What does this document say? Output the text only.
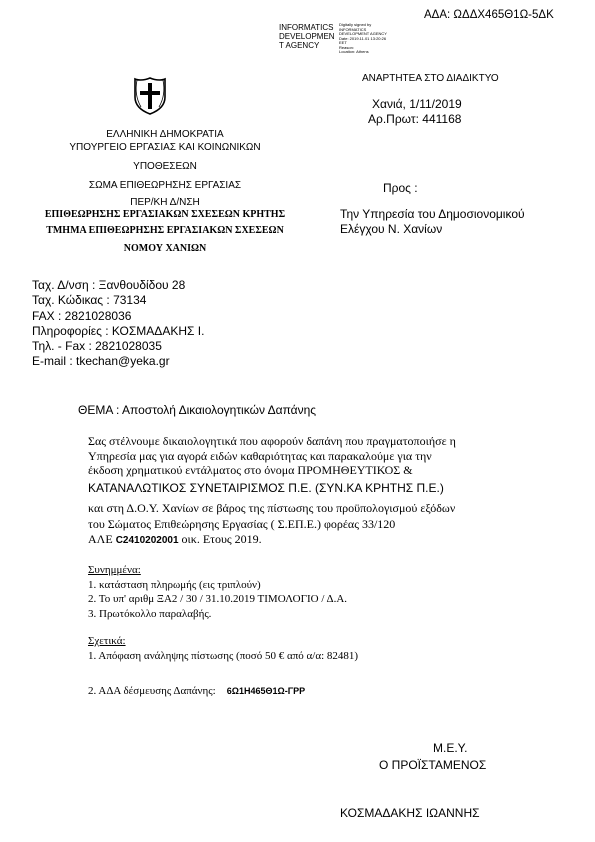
ΑΔΑ: ΩΔΔΧ465Θ1Ω-5ΔΚ
INFORMATICS
DEVELOPMEN
T AGENCY
Digitally signed by
INFORMATICS
DEVELOPMENT AGENCY
Date: 2019.11.01 13:20:26
EET
Reason:
Location: Athens
ΑΝΑΡΤΗΤΕΑ ΣΤΟ ΔΙΑΔΙΚΤΥΟ
Χανιά, 1/11/2019
Αρ.Πρωτ: 441168
ΕΛΛΗΝΙΚΗ ΔΗΜΟΚΡΑΤΙΑ
ΥΠΟΥΡΓΕΙΟ ΕΡΓΑΣΙΑΣ ΚΑΙ ΚΟΙΝΩΝΙΚΩΝ
ΥΠΟΘΕΣΕΩΝ
ΣΩΜΑ ΕΠΙΘΕΩΡΗΣΗΣ ΕΡΓΑΣΙΑΣ
ΠΕΡ/ΚΗ Δ/ΝΣΗ
ΕΠΙΘΕΩΡΗΣΗΣ ΕΡΓΑΣΙΑΚΩΝ ΣΧΕΣΕΩΝ ΚΡΗΤΗΣ
ΤΜΗΜΑ ΕΠΙΘΕΩΡΗΣΗΣ ΕΡΓΑΣΙΑΚΩΝ ΣΧΕΣΕΩΝ
ΝΟΜΟΥ ΧΑΝΙΩΝ
Προς :
Την Υπηρεσία του Δημοσιονομικού
Ελέγχου Ν. Χανίων
Ταχ. Δ/νση : Ξανθουδίδου 28
Ταχ. Κώδικας : 73134
FAX : 2821028036
Πληροφορίες : ΚΟΣΜΑΔΑΚΗΣ Ι.
Τηλ. - Fax : 2821028035
E-mail : tkechan@yeka.gr
ΘΕΜΑ : Αποστολή Δικαιολογητικών Δαπάνης
Σας στέλνουμε δικαιολογητικά που αφορούν δαπάνη που πραγματοποιήσε η
Υπηρεσία μας για αγορά ειδών καθαριότητας και παρακαλούμε για την
έκδοση χρηματικού εντάλματος στο όνομα ΠΡΟΜΗΘΕΥΤΙΚΟΣ &
ΚΑΤΑΝΑΛΩΤΙΚΟΣ ΣΥΝΕΤΑΙΡΙΣΜΟΣ Π.Ε. (ΣΥΝ.ΚΑ ΚΡΗΤΗΣ Π.Ε.)
και στη Δ.Ο.Υ. Χανίων σε βάρος της πίστωσης του προϋπολογισμού εξόδων
του Σώματος Επιθεώρησης Εργασίας ( Σ.ΕΠ.Ε.) φορέας 33/120
ΑΛΕ C2410202001 οικ. Ετους 2019.
Συνημμένα:
1. κατάσταση πληρωμής (εις τριπλούν)
2. Το υπ' αριθμ ΞΑ2 / 30 / 31.10.2019 ΤΙΜΟΛΟΓΙΟ / Δ.Α.
3. Πρωτόκολλο παραλαβής.
Σχετικά:
1. Απόφαση ανάληψης πίστωσης (ποσό 50 € από α/α: 82481)
2. ΑΔΑ δέσμευσης Δαπάνης: 6Ω1Η465Θ1Ω-ΓΡΡ
Μ.Ε.Υ.
Ο ΠΡΟΪΣΤΑΜΕΝΟΣ
ΚΟΣΜΑΔΑΚΗΣ ΙΩΑΝΝΗΣ
